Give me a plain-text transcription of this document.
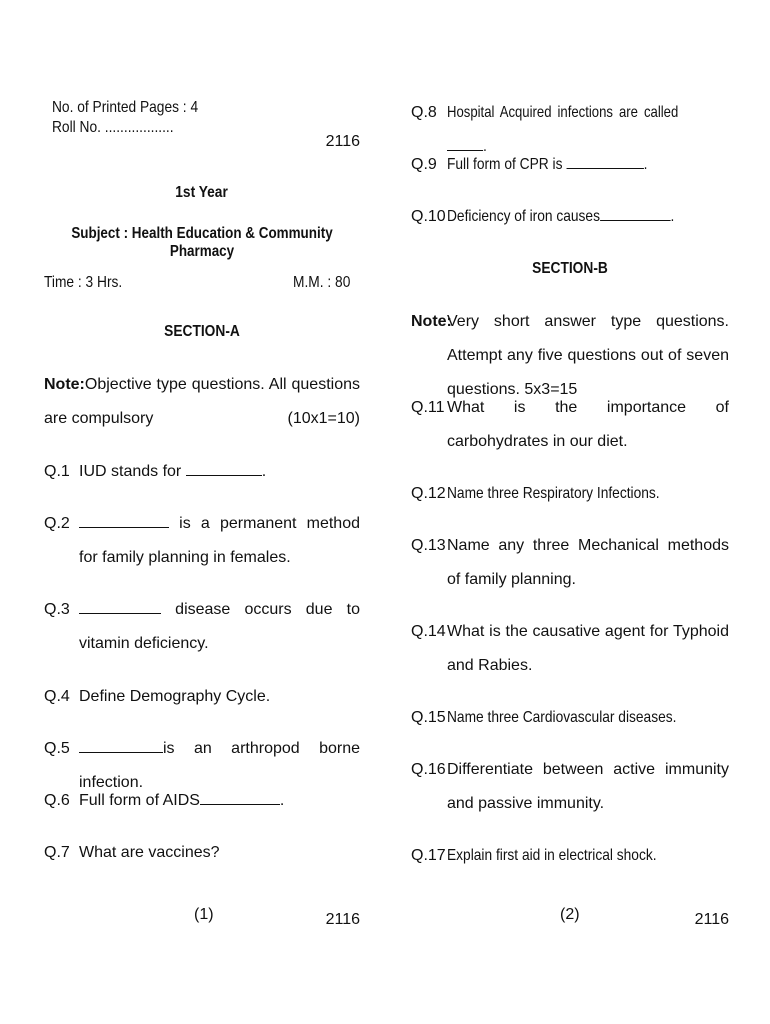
No. of Printed Pages : 4
Roll No. ..................
2116
1st Year
Subject : Health Education & Community Pharmacy
Time : 3 Hrs.	M.M. : 80
SECTION-A
Note:Objective type questions. All questions are compulsory	(10x1=10)
Q.1 IUD stands for	.
Q.2	is a permanent method for family planning in females.
Q.3	disease occurs due to vitamin deficiency.
Q.4 Define Demography Cycle.
Q.5	is an arthropod borne infection.
Q.6 Full form of AIDS	.
Q.7 What are vaccines?
(1)	2116
Q.8 Hospital Acquired infections are called.
Q.9 Full form of CPR is	.
Q.10 Deficiency of iron causes	.
SECTION-B
Note:
Very short answer type questions. Attempt any five questions out of seven questions. 5x3=15
Q.11 What is the importance of carbohydrates in our diet.
Q.12 Name three Respiratory Infections.
Q.13 Name any three Mechanical methods of family planning.
Q.14 What is the causative agent for Typhoid and Rabies.
Q.15 Name three Cardiovascular diseases.
Q.16 Differentiate between active immunity and passive immunity.
Q.17 Explain first aid in electrical shock.
(2)	2116
